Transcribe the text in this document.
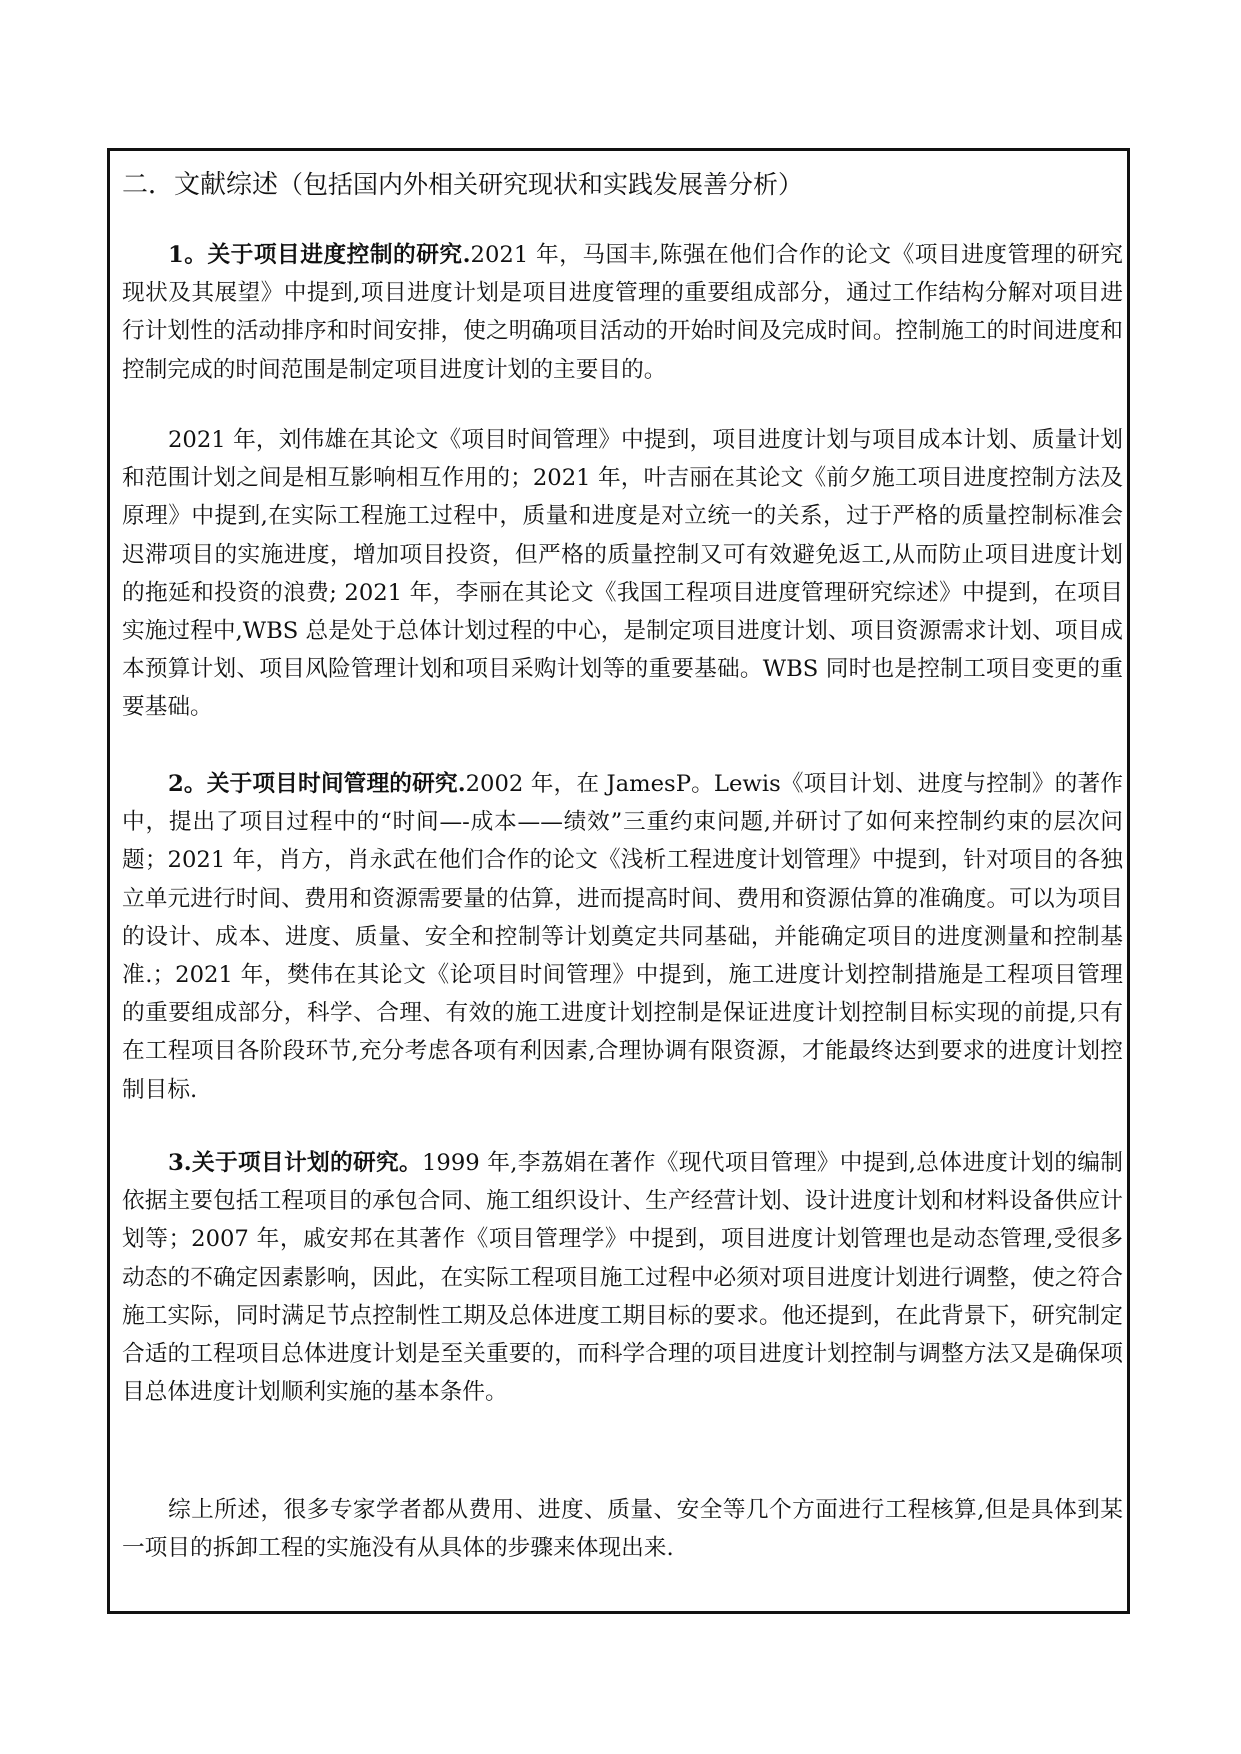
二．文献综述（包括国内外相关研究现状和实践发展善分析）

1。关于项目进度控制的研究.2021 年，马国丰,陈强在他们合作的论文《项目进度管理的研究现状及其展望》中提到,项目进度计划是项目进度管理的重要组成部分，通过工作结构分解对项目进行计划性的活动排序和时间安排，使之明确项目活动的开始时间及完成时间。控制施工的时间进度和控制完成的时间范围是制定项目进度计划的主要目的。

2021 年，刘伟雄在其论文《项目时间管理》中提到，项目进度计划与项目成本计划、质量计划和范围计划之间是相互影响相互作用的；2021 年，叶吉丽在其论文《前夕施工项目进度控制方法及原理》中提到,在实际工程施工过程中，质量和进度是对立统一的关系，过于严格的质量控制标准会迟滞项目的实施进度，增加项目投资，但严格的质量控制又可有效避免返工,从而防止项目进度计划的拖延和投资的浪费; 2021 年，李丽在其论文《我国工程项目进度管理研究综述》中提到，在项目实施过程中,WBS 总是处于总体计划过程的中心，是制定项目进度计划、项目资源需求计划、项目成本预算计划、项目风险管理计划和项目采购计划等的重要基础。WBS 同时也是控制工项目变更的重要基础。

2。关于项目时间管理的研究.2002 年，在 JamesP。Lewis《项目计划、进度与控制》的著作中，提出了项目过程中的“时间—-成本——绩效”三重约束问题,并研讨了如何来控制约束的层次问题；2021 年，肖方，肖永武在他们合作的论文《浅析工程进度计划管理》中提到，针对项目的各独立单元进行时间、费用和资源需要量的估算，进而提高时间、费用和资源估算的准确度。可以为项目的设计、成本、进度、质量、安全和控制等计划奠定共同基础，并能确定项目的进度测量和控制基准.；2021 年，樊伟在其论文《论项目时间管理》中提到，施工进度计划控制措施是工程项目管理的重要组成部分，科学、合理、有效的施工进度计划控制是保证进度计划控制目标实现的前提,只有在工程项目各阶段环节,充分考虑各项有利因素,合理协调有限资源，才能最终达到要求的进度计划控制目标.

3.关于项目计划的研究。1999 年,李荔娟在著作《现代项目管理》中提到,总体进度计划的编制依据主要包括工程项目的承包合同、施工组织设计、生产经营计划、设计进度计划和材料设备供应计划等；2007 年，戚安邦在其著作《项目管理学》中提到，项目进度计划管理也是动态管理,受很多动态的不确定因素影响，因此，在实际工程项目施工过程中必须对项目进度计划进行调整，使之符合施工实际，同时满足节点控制性工期及总体进度工期目标的要求。他还提到，在此背景下，研究制定合适的工程项目总体进度计划是至关重要的，而科学合理的项目进度计划控制与调整方法又是确保项目总体进度计划顺利实施的基本条件。

综上所述，很多专家学者都从费用、进度、质量、安全等几个方面进行工程核算,但是具体到某一项目的拆卸工程的实施没有从具体的步骤来体现出来.
